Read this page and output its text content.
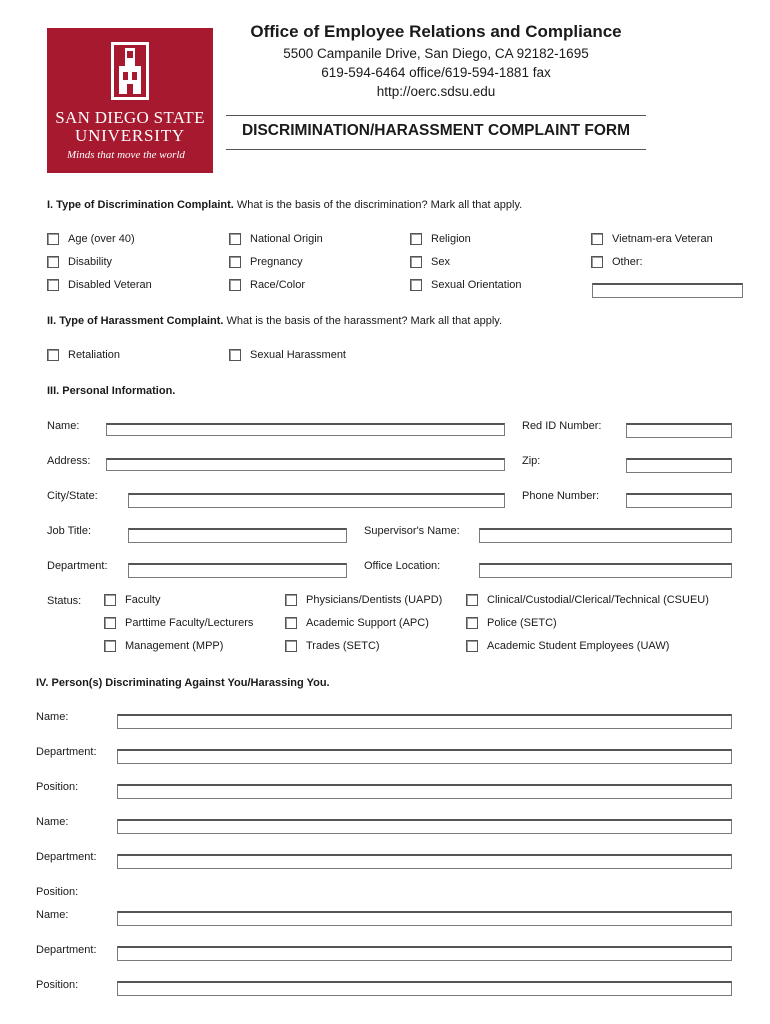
SAN DIEGO STATE
UNIVERSITY
Minds that move the world
Office of Employee Relations and Compliance
5500 Campanile Drive, San Diego, CA 92182-1695
619-594-6464 office/619-594-1881 fax
http://oerc.sdsu.edu
DISCRIMINATION/HARASSMENT COMPLAINT FORM
I. Type of Discrimination Complaint. What is the basis of the discrimination? Mark all that apply.
Age (over 40)	National Origin	Religion	Vietnam-era Veteran
Disability	Pregnancy	Sex	Other:
Disabled Veteran	Race/Color	Sexual Orientation
II. Type of Harassment Complaint. What is the basis of the harassment? Mark all that apply.
Retaliation	Sexual Harassment
III. Personal Information.
Name:	Red ID Number:
Address:	Zip:
City/State:	Phone Number:
Job Title:	Supervisor's Name:
Department:	Office Location:
Status:	Faculty	Physicians/Dentists (UAPD)	Clinical/Custodial/Clerical/Technical (CSUEU)
Parttime Faculty/Lecturers	Academic Support (APC)	Police (SETC)
Management (MPP)	Trades (SETC)	Academic Student Employees (UAW)
IV. Person(s) Discriminating Against You/Harassing You.
Name:
Department:
Position:
Name:
Department:
Position:
Name:
Department:
Position:
